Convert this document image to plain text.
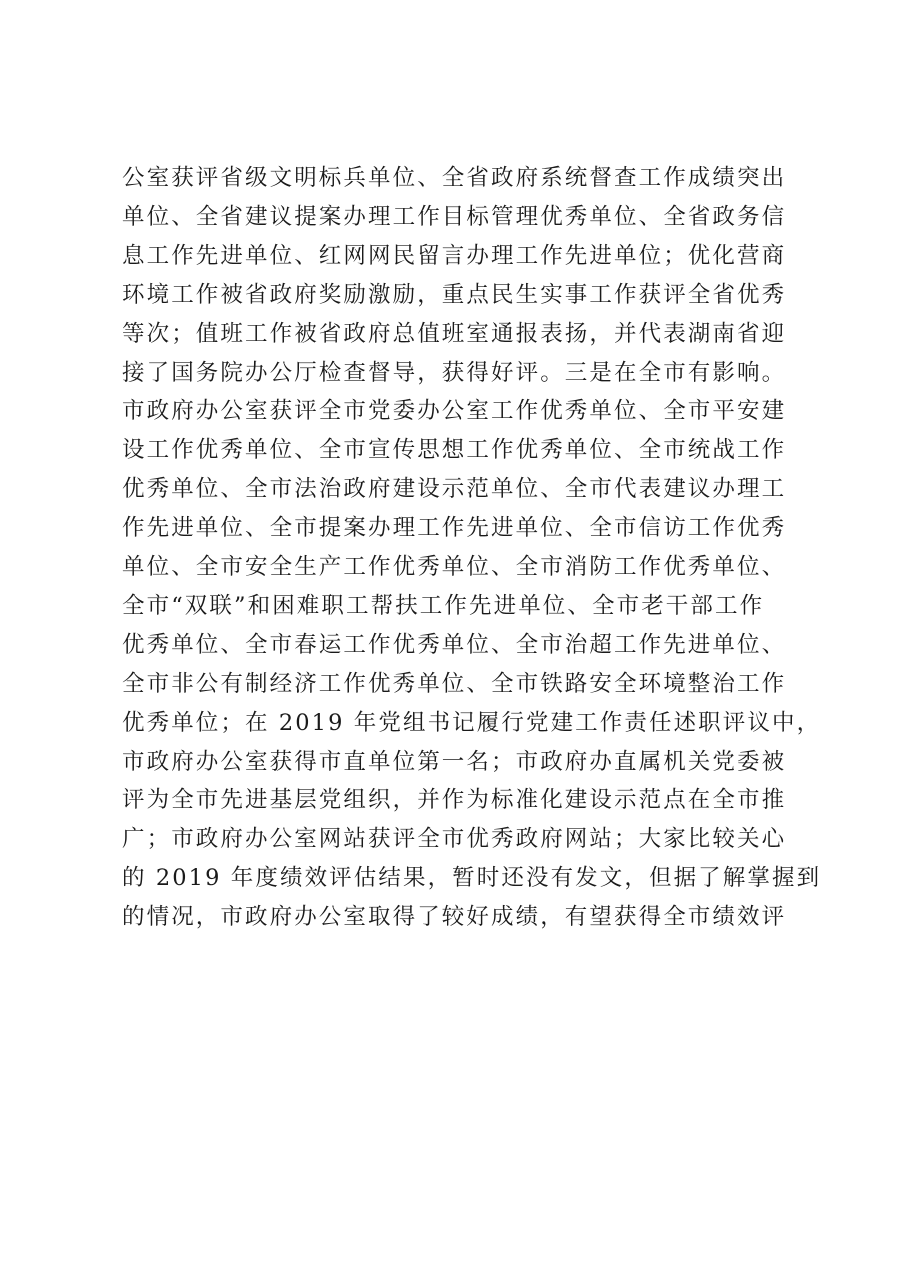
公室获评省级文明标兵单位、全省政府系统督查工作成绩突出
单位、全省建议提案办理工作目标管理优秀单位、全省政务信
息工作先进单位、红网网民留言办理工作先进单位；优化营商
环境工作被省政府奖励激励，重点民生实事工作获评全省优秀
等次；值班工作被省政府总值班室通报表扬，并代表湖南省迎
接了国务院办公厅检查督导，获得好评。三是在全市有影响。
市政府办公室获评全市党委办公室工作优秀单位、全市平安建
设工作优秀单位、全市宣传思想工作优秀单位、全市统战工作
优秀单位、全市法治政府建设示范单位、全市代表建议办理工
作先进单位、全市提案办理工作先进单位、全市信访工作优秀
单位、全市安全生产工作优秀单位、全市消防工作优秀单位、
全市“双联”和困难职工帮扶工作先进单位、全市老干部工作
优秀单位、全市春运工作优秀单位、全市治超工作先进单位、
全市非公有制经济工作优秀单位、全市铁路安全环境整治工作
优秀单位；在 2019 年党组书记履行党建工作责任述职评议中，
市政府办公室获得市直单位第一名；市政府办直属机关党委被
评为全市先进基层党组织，并作为标准化建设示范点在全市推
广；市政府办公室网站获评全市优秀政府网站；大家比较关心
的 2019 年度绩效评估结果，暂时还没有发文，但据了解掌握到
的情况，市政府办公室取得了较好成绩，有望获得全市绩效评
